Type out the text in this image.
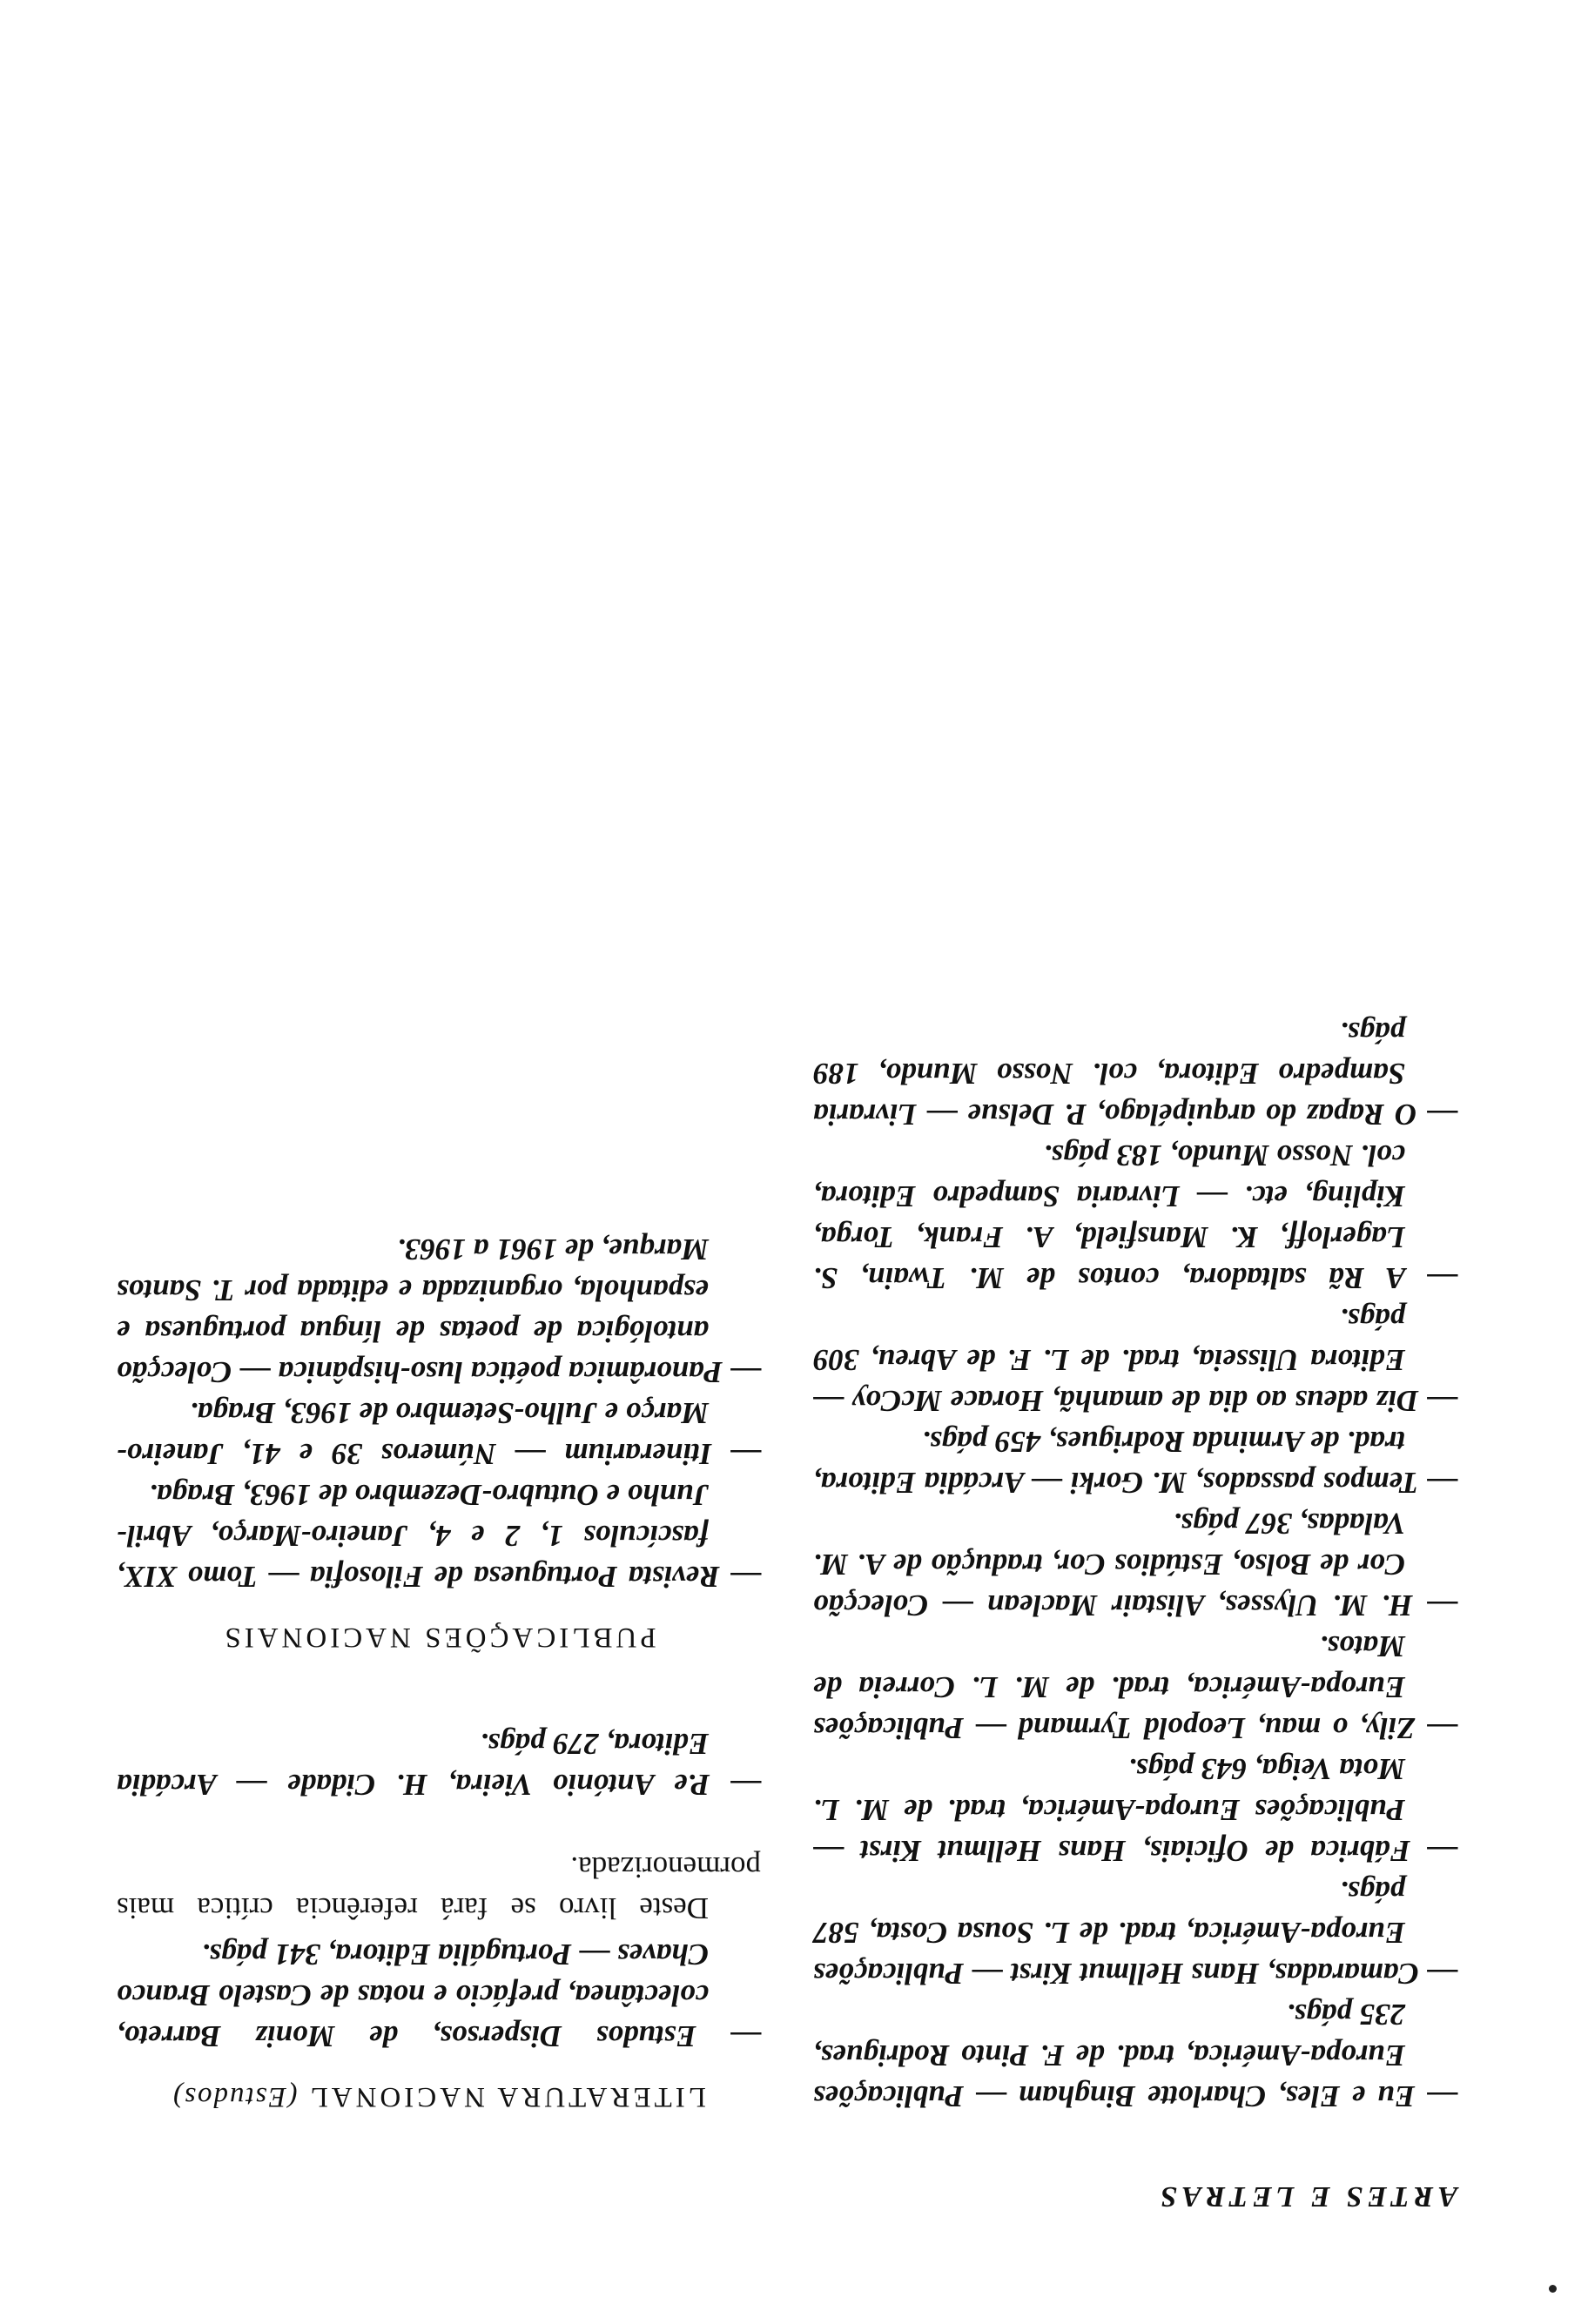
ARTES E LETRAS

— Eu e Eles, Charlotte Bingham — Publicações Europa-América, trad. de F. Pinto Rodrigues, 235 págs.

— Camaradas, Hans Hellmut Kirst — Publicações Europa-América, trad. de L. Sousa Costa, 587 págs.

— Fábrica de Oficiais, Hans Hellmut Kirst — Publicações Europa-América, trad. de M. L. Mota Veiga, 643 págs.

— Zily, o mau, Leopold Tyrmand — Publicações Europa-América, trad. de M. L. Correia de Matos.

— H. M. Ulysses, Alistair Maclean — Colecção Cor de Bolso, Estúdios Cor, tradução de A. M. Valadas, 367 págs.

— Tempos passados, M. Gorki — Arcádia Editora, trad. de Arminda Rodrigues, 459 págs.

— Diz adeus ao dia de amanhã, Horace McCoy — Editora Ulisseia, trad. de L. F. de Abreu, 309 págs.

— A Rã saltadora, contos de M. Twain, S. Lagerloff, K. Mansfield, A. Frank, Torga, Kipling, etc. — Livraria Sampedro Editora, col. Nosso Mundo, 183 págs.

— O Rapaz do arquipélago, P. Delsue — Livraria Sampedro Editora, col. Nosso Mundo, 189 págs.

LITERATURA NACIONAL (Estudos)

— Estudos Dispersos, de Moniz Barreto, colectânea, prefácio e notas de Castelo Branco Chaves — Portugália Editora, 341 págs.

Deste livro se fará referência crítica mais pormenorizada.

— P.e António Vieira, H. Cidade — Arcádia Editora, 279 págs.

PUBLICAÇÕES NACIONAIS

— Revista Portuguesa de Filosofia — Tomo XIX, fascículos 1, 2 e 4, Janeiro-Março, Abril-Junho e Outubro-Dezembro de 1963, Braga.

— Itinerarium — Números 39 e 41, Janeiro-Março e Julho-Setembro de 1963, Braga.

— Panorâmica poética luso-hispânica — Colecção antológica de poetas de língua portuguesa e espanhola, organizada e editada por T. Santos Marque, de 1961 a 1963.
